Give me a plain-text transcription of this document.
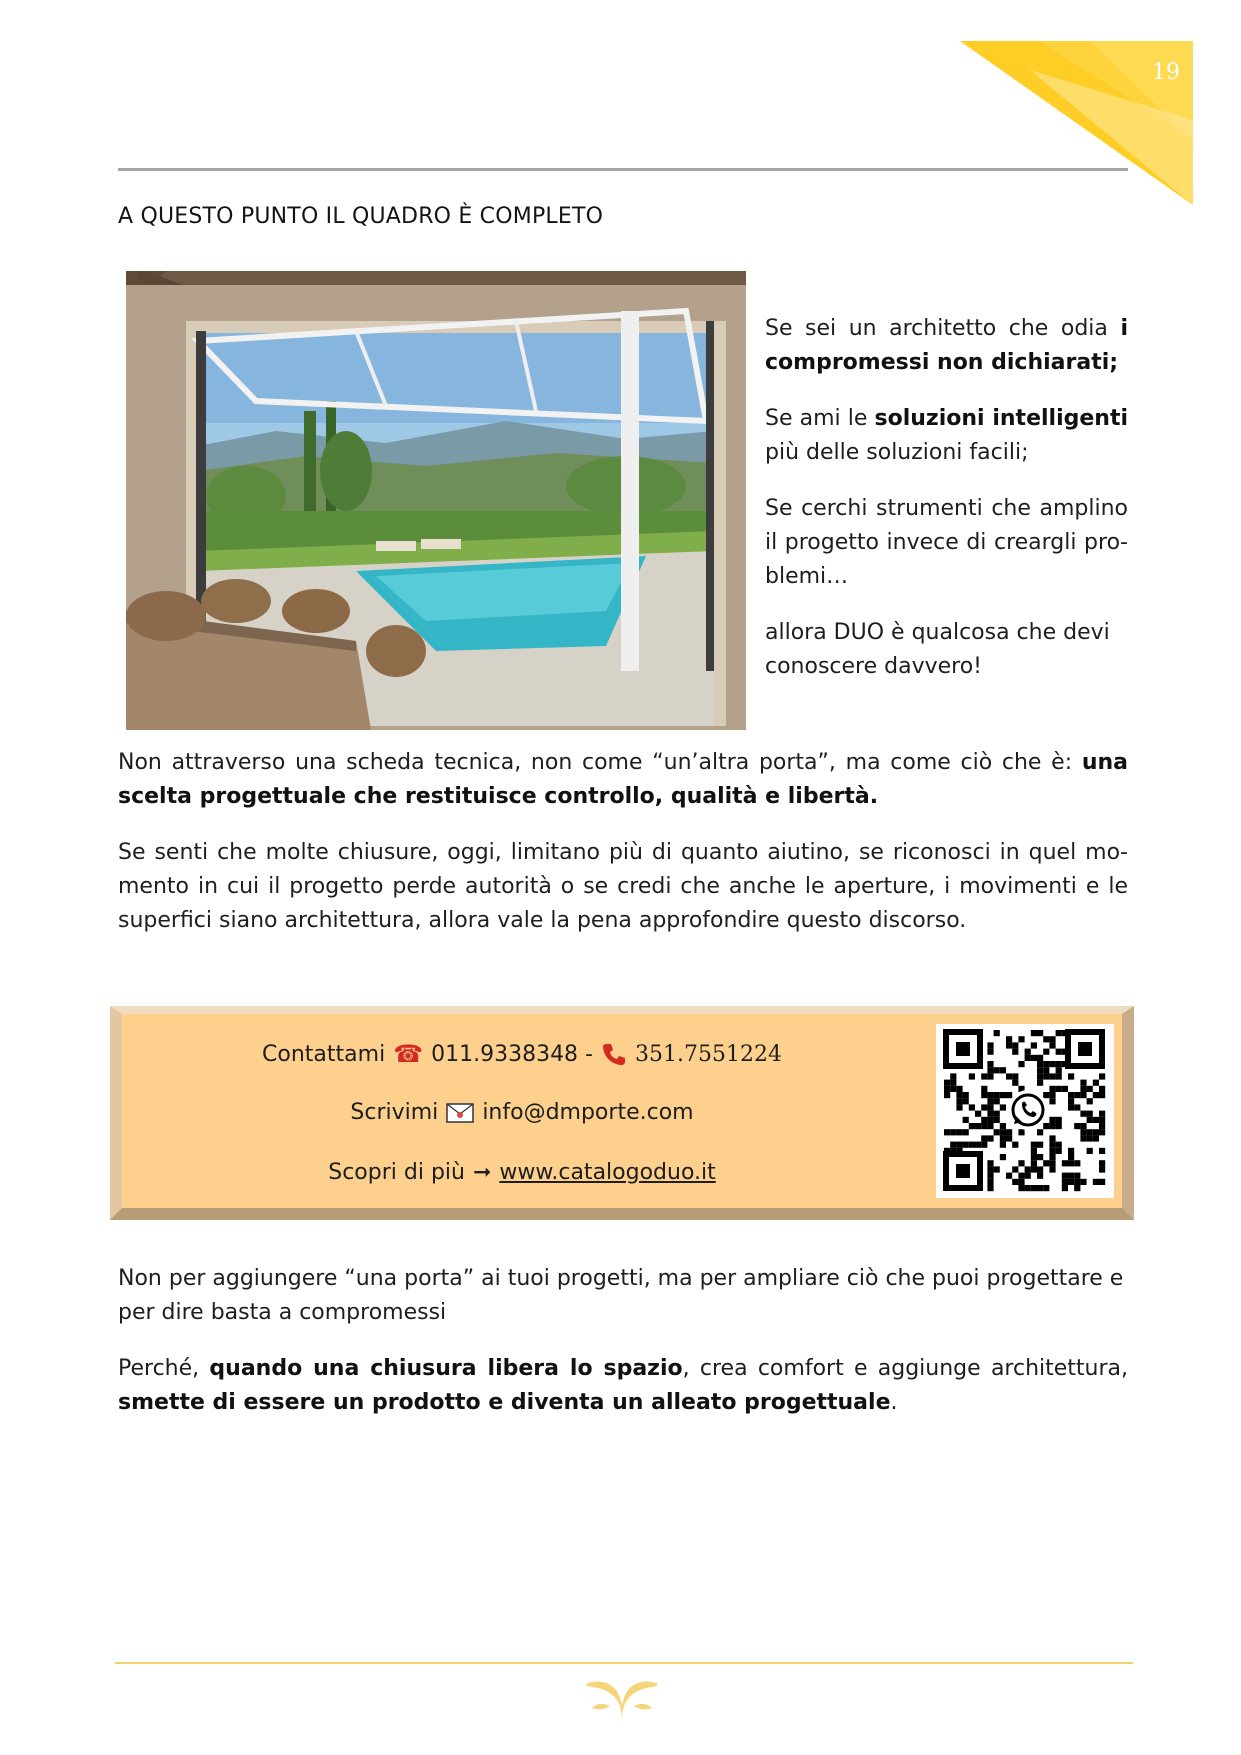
19
A QUESTO PUNTO IL QUADRO È COMPLETO

Se sei un architetto che odia i compromessi non dichiarati;

Se ami le soluzioni intelligenti più delle soluzioni facili;

Se cerchi strumenti che amplino il progetto invece di creargli problemi…

allora DUO è qualcosa che devi conoscere davvero!

Non attraverso una scheda tecnica, non come “un’altra porta”, ma come ciò che è: una scelta progettuale che restituisce controllo, qualità e libertà.

Se senti che molte chiusure, oggi, limitano più di quanto aiutino, se riconosci in quel momento in cui il progetto perde autorità o se credi che anche le aperture, i movimenti e le superfici siano architettura, allora vale la pena approfondire questo discorso.

Contattami ☎ 011.9338348 - 351.7551224
Scrivimi info@dmporte.com
Scopri di più ➞ www.catalogoduo.it

Non per aggiungere “una porta” ai tuoi progetti, ma per ampliare ciò che puoi progettare e per dire basta a compromessi

Perché, quando una chiusura libera lo spazio, crea comfort e aggiunge architettura, smette di essere un prodotto e diventa un alleato progettuale.
